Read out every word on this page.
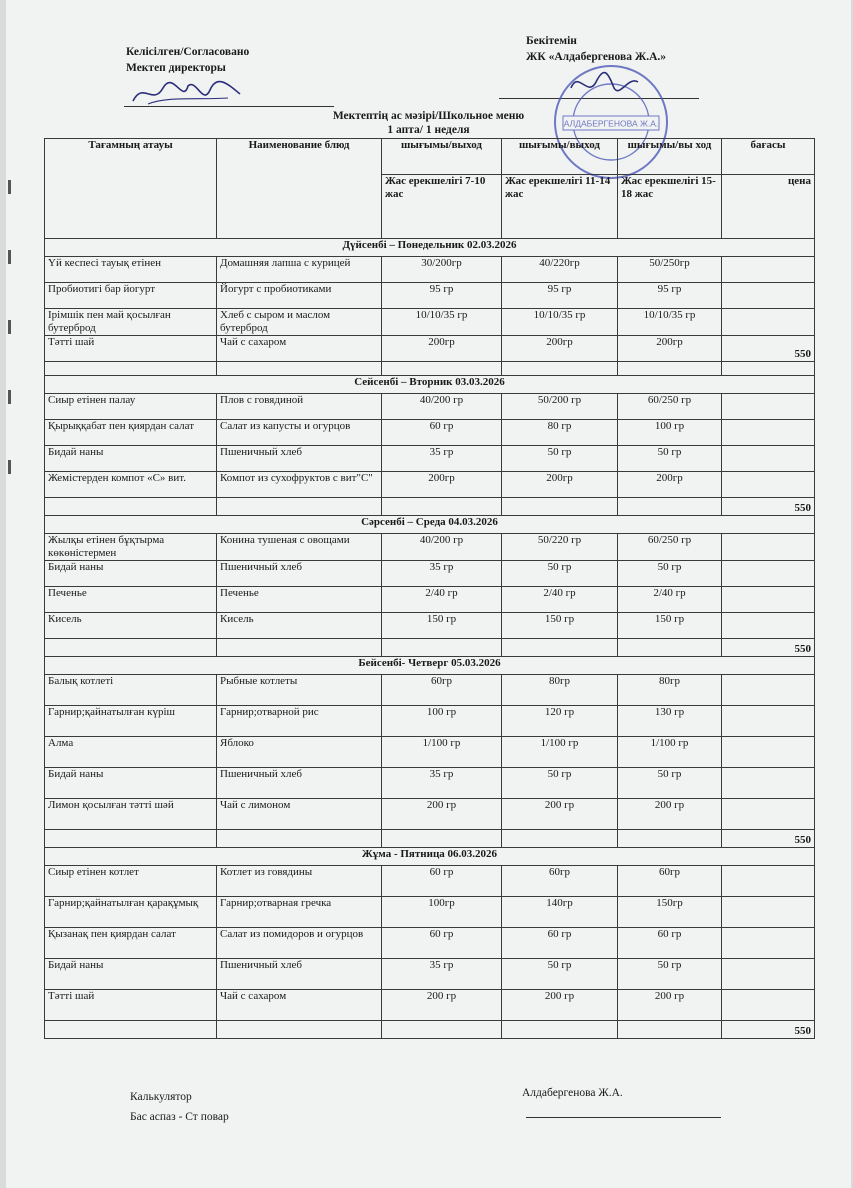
Келісілген/Согласовано
Мектеп директоры
Бекітемін
ЖК «Алдабергенова Ж.А.»
АЛДАБЕРГЕНОВА Ж.А.
Мектептің ас мәзірі/Школьное меню
1 апта/ 1 неделя
Тағамның атауы	Наименование блюд	шығымы/выход	шығымы/выход	шығымы/вы ход	бағасы
		Жас ерекшелігі 7-10 жас	Жас ерекшелігі 11-14 жас	Жас ерекшелігі 15-18 жас	цена
Дүйсенбі – Понедельник 02.03.2026					
Үй кеспесі тауық етінен	Домашняя лапша с курицей	30/200гр	40/220гр	50/250гр	
Пробиотигі бар йогурт	Йогурт с пробиотиками	95 гр	95 гр	95 гр	
Ірімшік пен май қосылған бутерброд	Хлеб с сыром и маслом бутерброд	10/10/35 гр	10/10/35 гр	10/10/35 гр	
Тәтті шай	Чай с сахаром	200гр	200гр	200гр	550

Сейсенбі – Вторник 03.03.2026					
Сиыр етінен палау	Плов с говядиной	40/200 гр	50/200 гр	60/250 гр	
Қырыққабат пен қиярдан салат	Салат из капусты и огурцов	60 гр	80 гр	100 гр	
Бидай наны	Пшеничный хлеб	35 гр	50 гр	50 гр	
Жемістерден компот «С» вит.	Компот из сухофруктов с вит"С"	200гр	200гр	200гр	
					550
Сәрсенбі – Среда 04.03.2026					
Жылқы етінен бұқтырма көкөністермен	Конина тушеная с овощами	40/200 гр	50/220 гр	60/250 гр	
Бидай наны	Пшеничный хлеб	35 гр	50 гр	50 гр	
Печенье	Печенье	2/40 гр	2/40 гр	2/40 гр	
Кисель	Кисель	150 гр	150 гр	150 гр	
					550
Бейсенбі- Четверг 05.03.2026					
Балық котлеті	Рыбные котлеты	60гр	80гр	80гр	
Гарнир;қайнатылған күріш	Гарнир;отварной рис	100 гр	120 гр	130 гр	
Алма	Яблоко	1/100 гр	1/100 гр	1/100 гр	
Бидай наны	Пшеничный хлеб	35 гр	50 гр	50 гр	
Лимон қосылған тәтті шәй	Чай с лимоном	200 гр	200 гр	200 гр	
					550
Жұма - Пятница 06.03.2026					
Сиыр етінен котлет	Котлет из говядины	60 гр	60гр	60гр	
Гарнир;қайнатылған қарақұмық	Гарнир;отварная гречка	100гр	140гр	150гр	
Қызанақ пен қиярдан салат	Салат из помидоров и огурцов	60 гр	60 гр	60 гр	
Бидай наны	Пшеничный хлеб	35 гр	50 гр	50 гр	
Тәтті шай	Чай с сахаром	200 гр	200 гр	200 гр	
					550
Калькулятор
Бас аспаз - Ст повар
Алдабергенова Ж.А.
